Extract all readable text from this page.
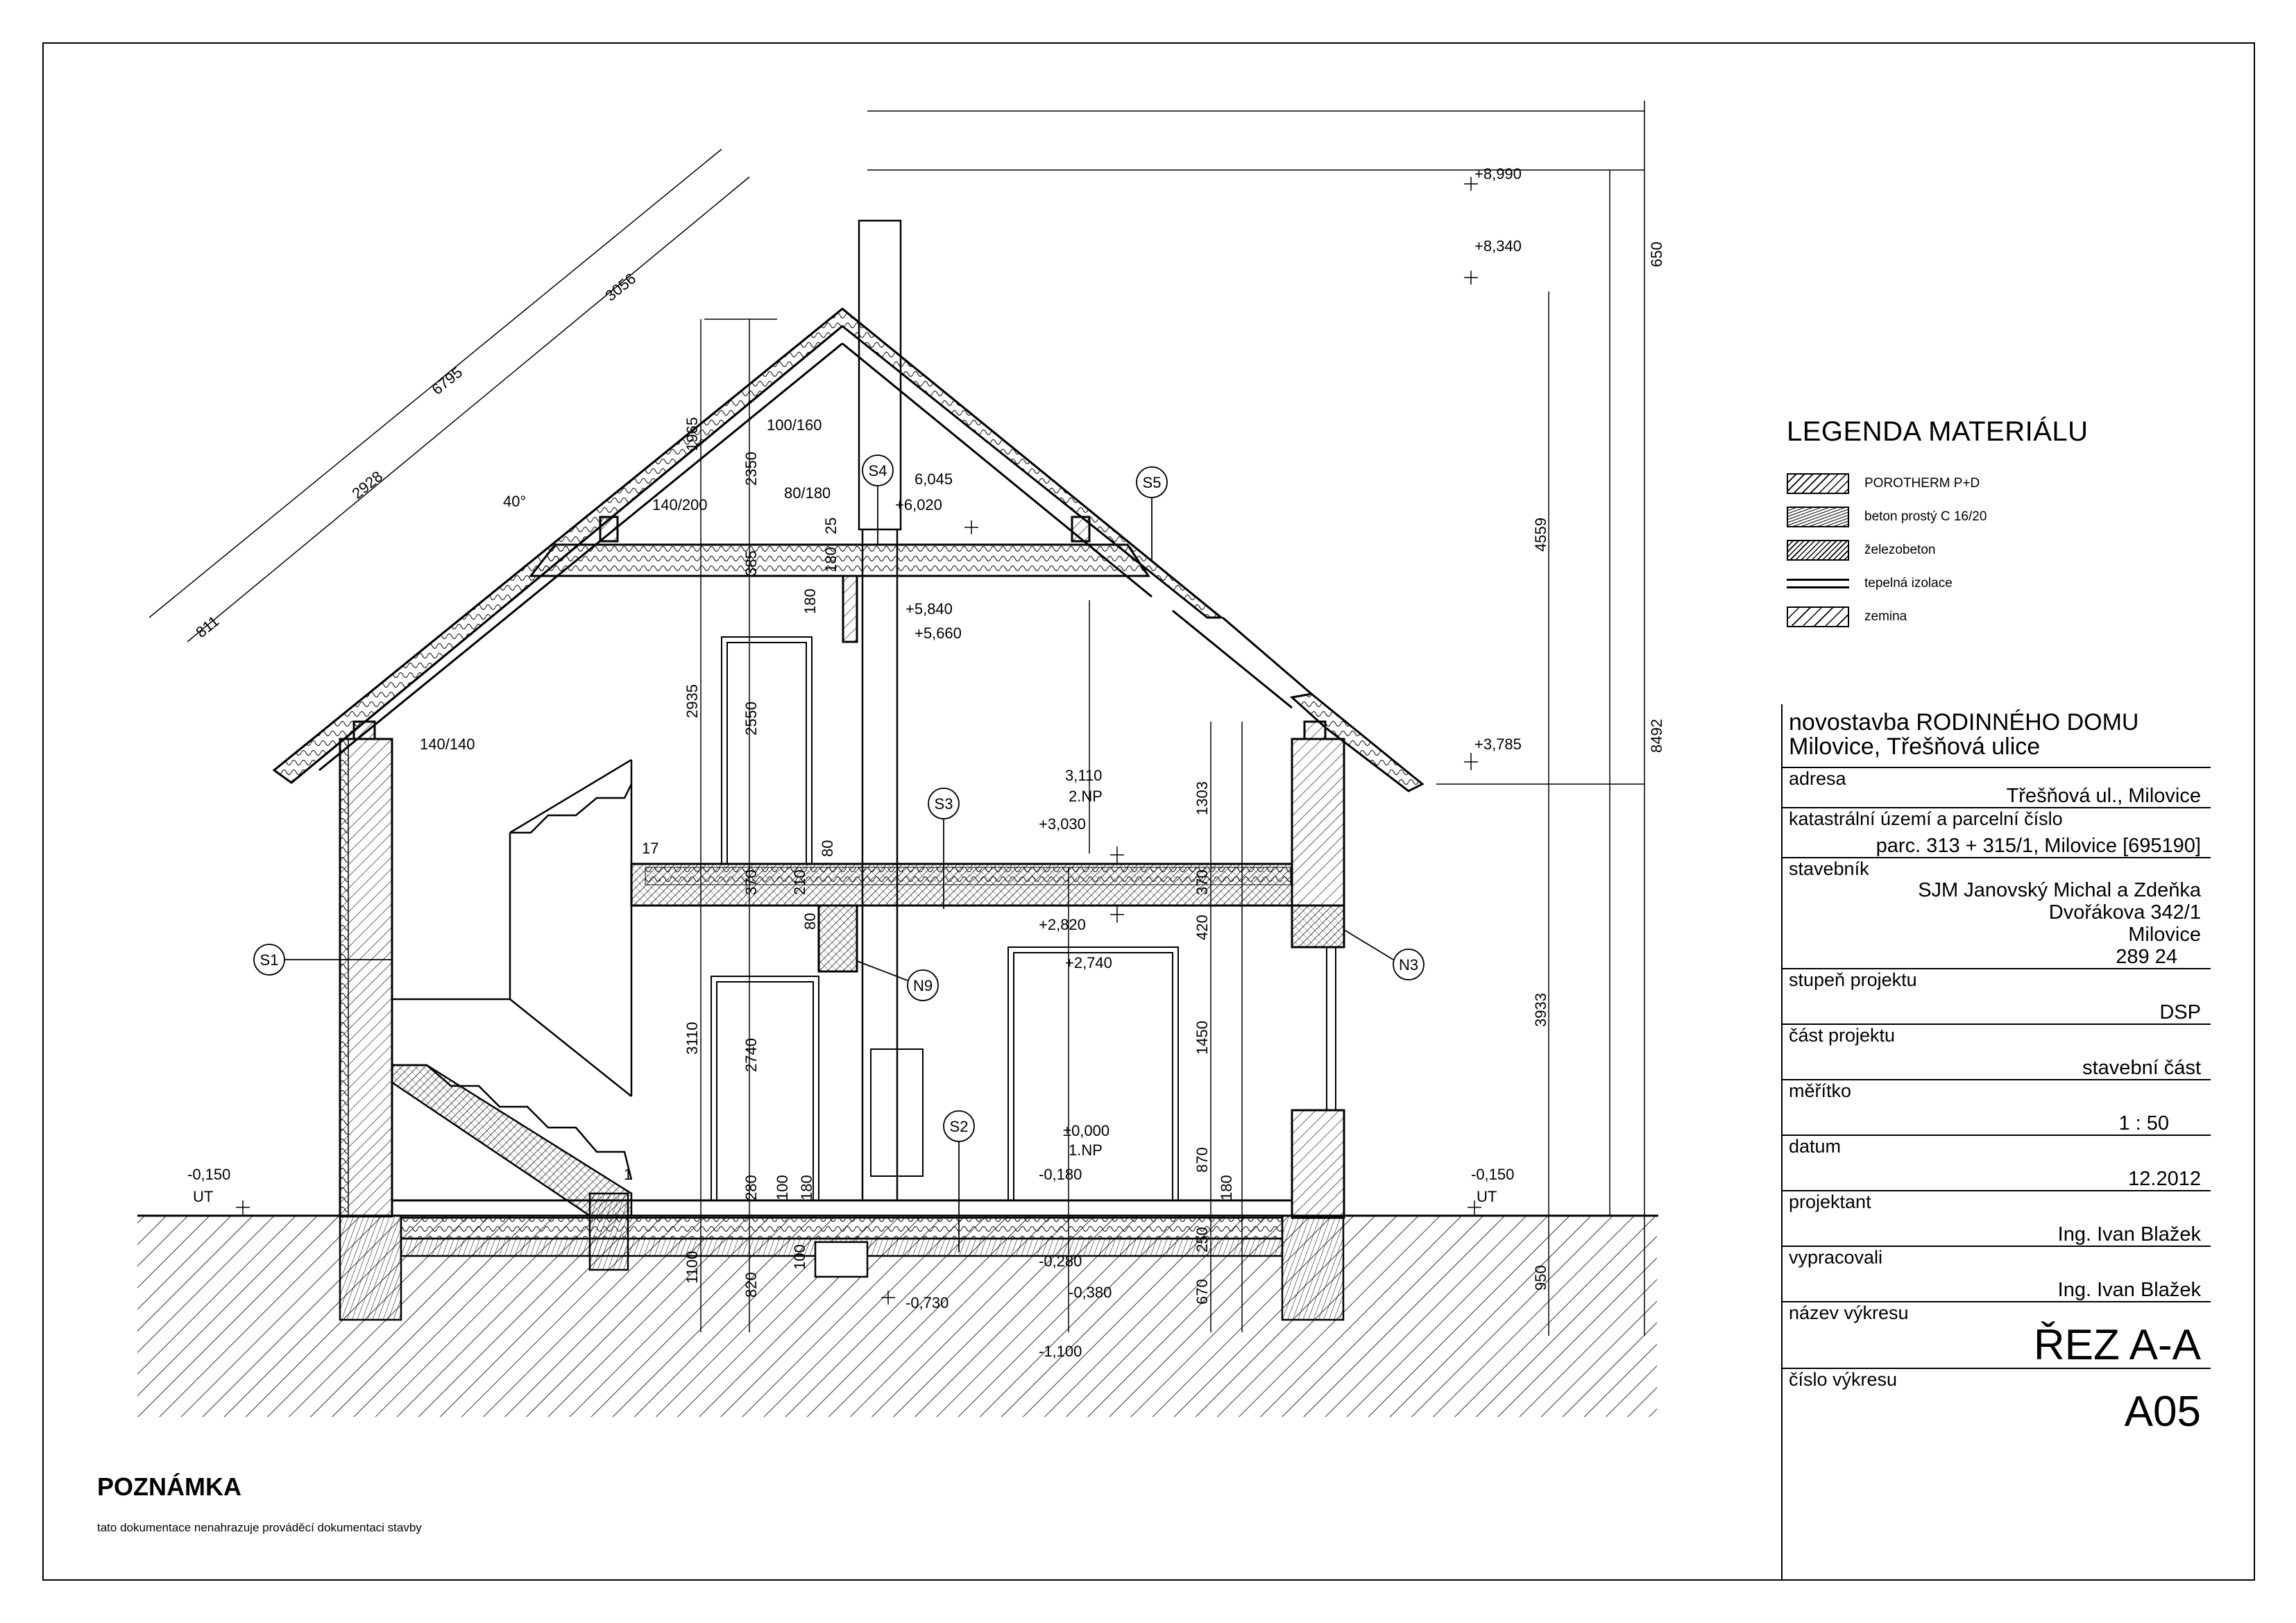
6795
3056
2928
811
40°
1965
2350
2935
2550
3110	2740
385	180
25
180
370 210
80
80
17
280 100 180
100
1100
820
1303
370
420
1450
870
180
250
670
650
4559
8492
3933
950
100/160
80/180
140/200
140/140
+8,990
+8,340
6,045
+6,020
+5,840
+5,660
+3,785
3,110
2.NP
+3,030
+2,820
+2,740
±0,000
1.NP
-0,180
-0,150
UT
-0,150
UT
-0,280
-0,380
-0,730
-1,100
S1
S2
S3
S4
S5
N3
N9
1
LEGENDA MATERIÁLU
POROTHERM P+D
beton prostý C 16/20
železobeton
tepelná izolace
zemina
novostavba RODINNÉHO DOMU
Milovice, Třešňová ulice
adresa
Třešňová ul., Milovice
katastrální území a parcelní číslo
parc. 313 + 315/1, Milovice [695190]
stavebník
SJM Janovský Michal a Zdeňka
Dvořákova 342/1
Milovice
289 24
stupeň projektu
DSP
část projektu
stavební část
měřítko
1 : 50
datum
12.2012
projektant
Ing. Ivan Blažek
vypracovali
Ing. Ivan Blažek
název výkresu
ŘEZ A-A
číslo výkresu
A05
POZNÁMKA
tato dokumentace nenahrazuje prováděcí dokumentaci stavby
